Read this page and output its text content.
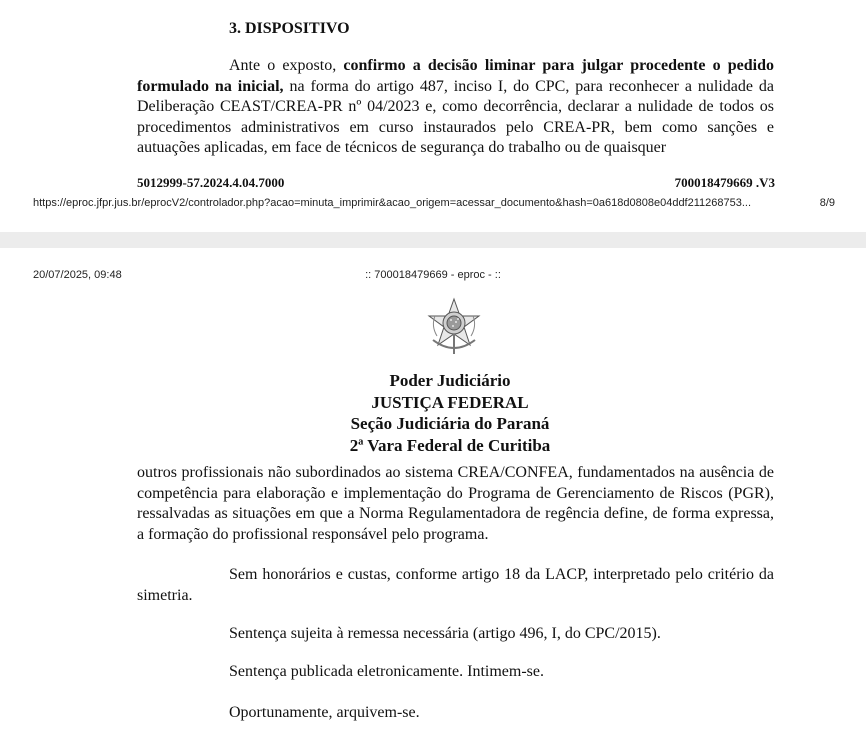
3. DISPOSITIVO

Ante o exposto, confirmo a decisão liminar para julgar procedente o pedido formulado na inicial, na forma do artigo 487, inciso I, do CPC, para reconhecer a nulidade da Deliberação CEAST/CREA-PR nº 04/2023 e, como decorrência, declarar a nulidade de todos os procedimentos administrativos em curso instaurados pelo CREA-PR, bem como sanções e autuações aplicadas, em face de técnicos de segurança do trabalho ou de quaisquer

5012999-57.2024.4.04.7000	700018479669 .V3
https://eproc.jfpr.jus.br/eprocV2/controlador.php?acao=minuta_imprimir&acao_origem=acessar_documento&hash=0a618d0808e04ddf211268753...	8/9
20/07/2025, 09:48	:: 700018479669 - eproc - ::
Poder Judiciário
JUSTIÇA FEDERAL
Seção Judiciária do Paraná
2ª Vara Federal de Curitiba

outros profissionais não subordinados ao sistema CREA/CONFEA, fundamentados na ausência de competência para elaboração e implementação do Programa de Gerenciamento de Riscos (PGR), ressalvadas as situações em que a Norma Regulamentadora de regência define, de forma expressa, a formação do profissional responsável pelo programa.

Sem honorários e custas, conforme artigo 18 da LACP, interpretado pelo critério da simetria.

Sentença sujeita à remessa necessária (artigo 496, I, do CPC/2015).
Sentença publicada eletronicamente. Intimem-se.
Oportunamente, arquivem-se.
